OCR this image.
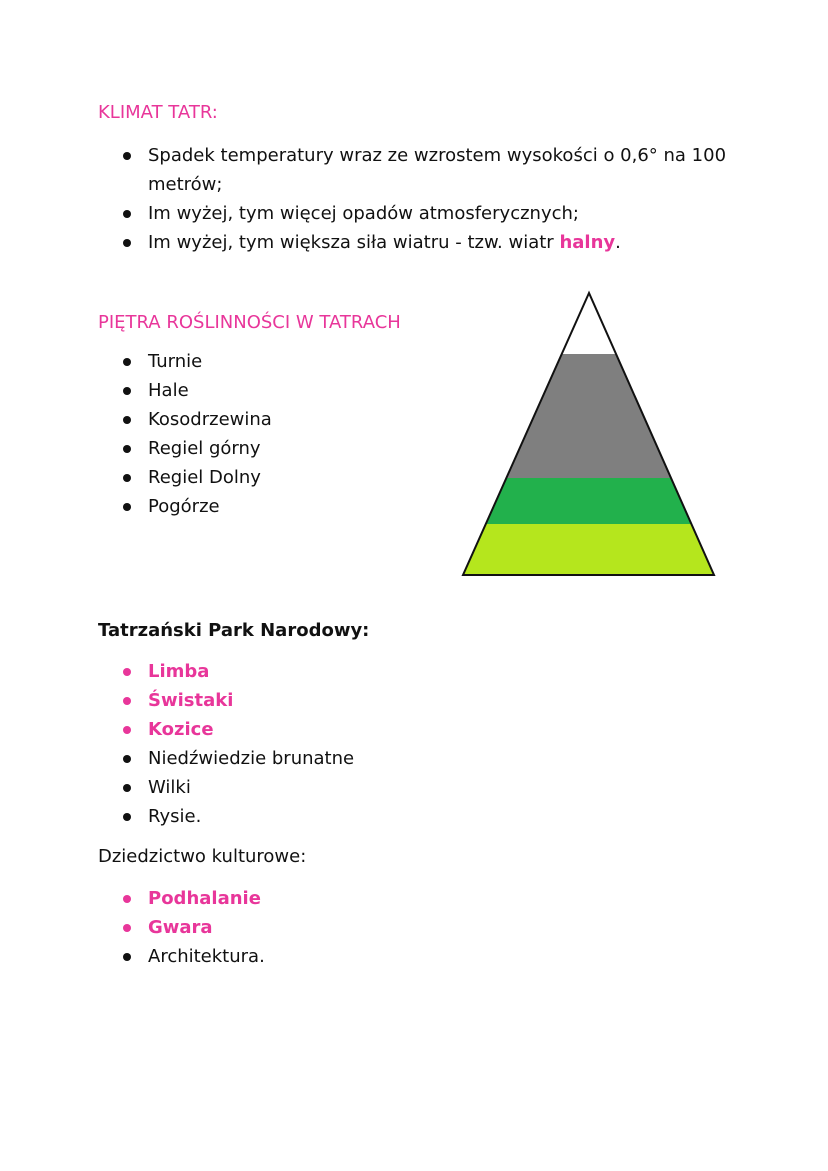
KLIMAT TATR:
Spadek temperatury wraz ze wzrostem wysokości o 0,6° na 100
metrów;
Im wyżej, tym więcej opadów atmosferycznych;
Im wyżej, tym większa siła wiatru - tzw. wiatr halny.
PIĘTRA ROŚLINNOŚCI W TATRACH
Turnie
Hale
Kosodrzewina
Regiel górny
Regiel Dolny
Pogórze
Tatrzański Park Narodowy:
Limba
Świstaki
Kozice
Niedźwiedzie brunatne
Wilki
Rysie.
Dziedzictwo kulturowe:
Podhalanie
Gwara
Architektura.
